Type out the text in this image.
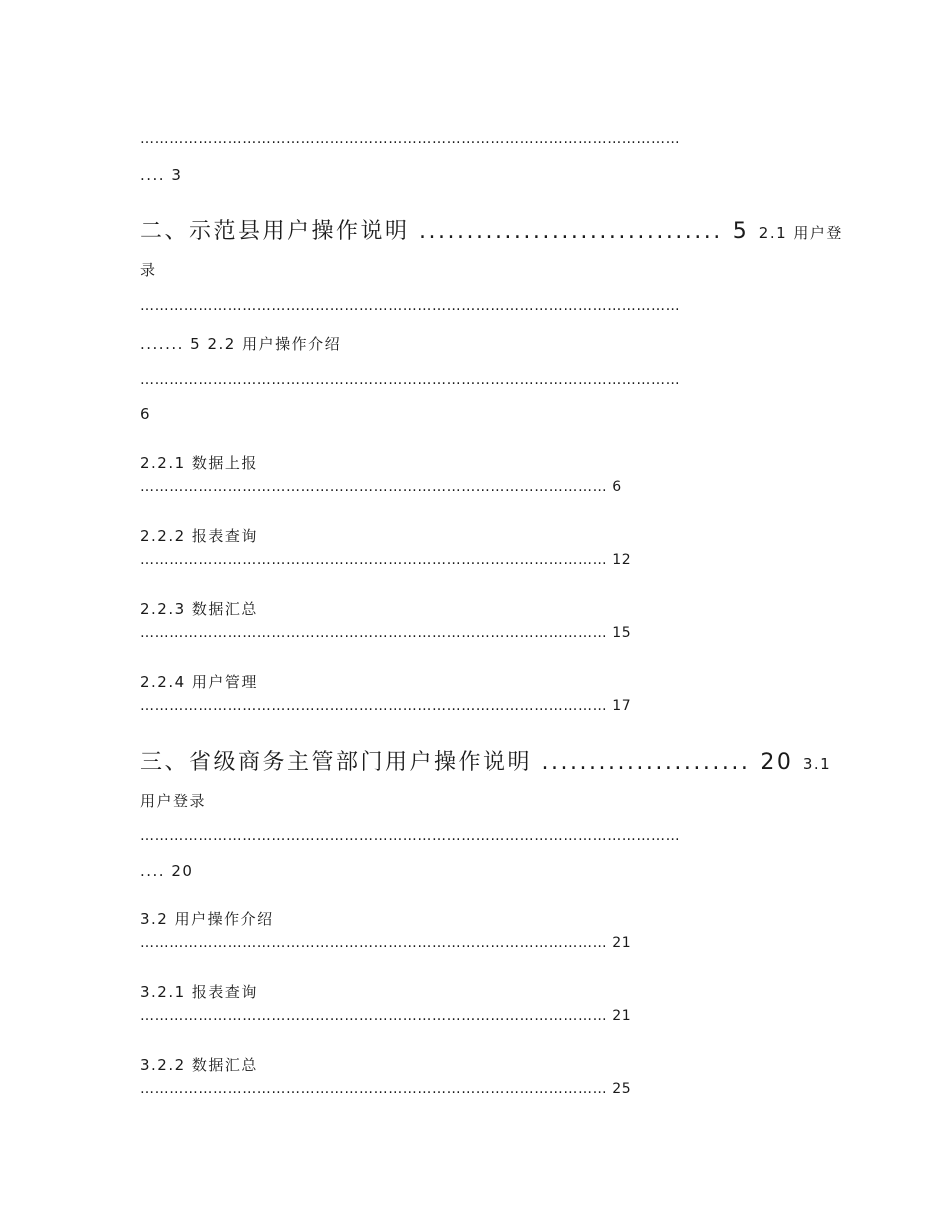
…………………………………………………………………………………………………
.... 3
二、示范县用户操作说明 ................................ 5 2.1 用户登
录
…………………………………………………………………………………………………
....... 5 2.2 用户操作介绍
…………………………………………………………………………………………………
6
2.2.1 数据上报
…………………………………………………………………………………… 6
2.2.2 报表查询
…………………………………………………………………………………… 12
2.2.3 数据汇总
…………………………………………………………………………………… 15
2.2.4 用户管理
…………………………………………………………………………………… 17
三、省级商务主管部门用户操作说明 ...................... 20 3.1
用户登录
…………………………………………………………………………………………………
.... 20
3.2 用户操作介绍
…………………………………………………………………………………… 21
3.2.1 报表查询
…………………………………………………………………………………… 21
3.2.2 数据汇总
…………………………………………………………………………………… 25
